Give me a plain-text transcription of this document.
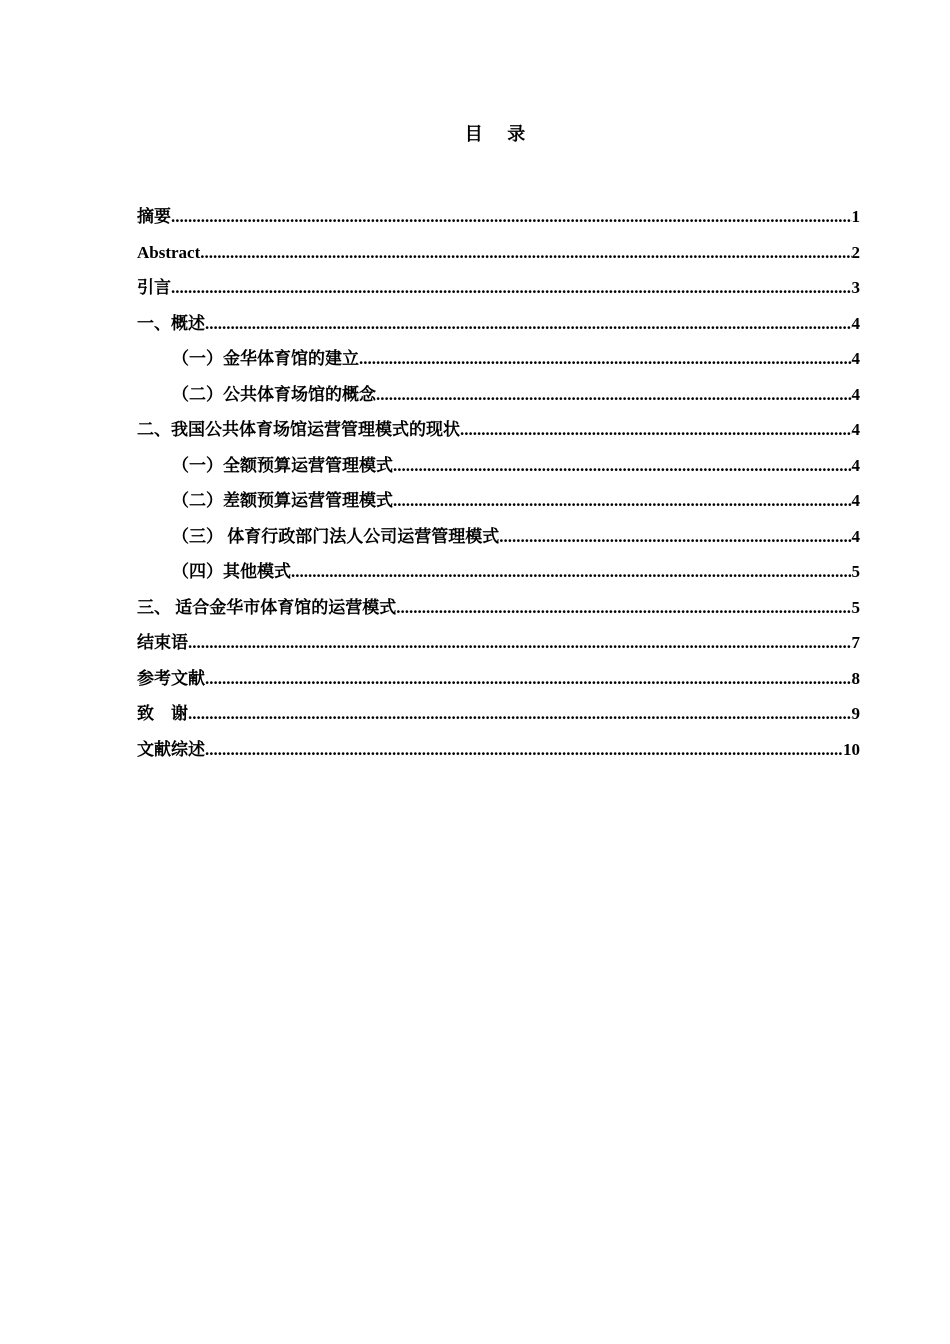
目 录
摘要 .....	1
Abstract .....	2
引言 .....	3
一、概述 .....	4
（一）金华体育馆的建立 .....	4
（二）公共体育场馆的概念 .....	4
二、我国公共体育场馆运营管理模式的现状 .....	4
（一）全额预算运营管理模式 .....	4
（二）差额预算运营管理模式 .....	4
（三） 体育行政部门法人公司运营管理模式 .....	4
（四）其他模式 .....	5
三、 适合金华市体育馆的运营模式 .....	5
结束语 .....	7
参考文献 .....	8
致    谢 .....	9
文献综述 .....	10
